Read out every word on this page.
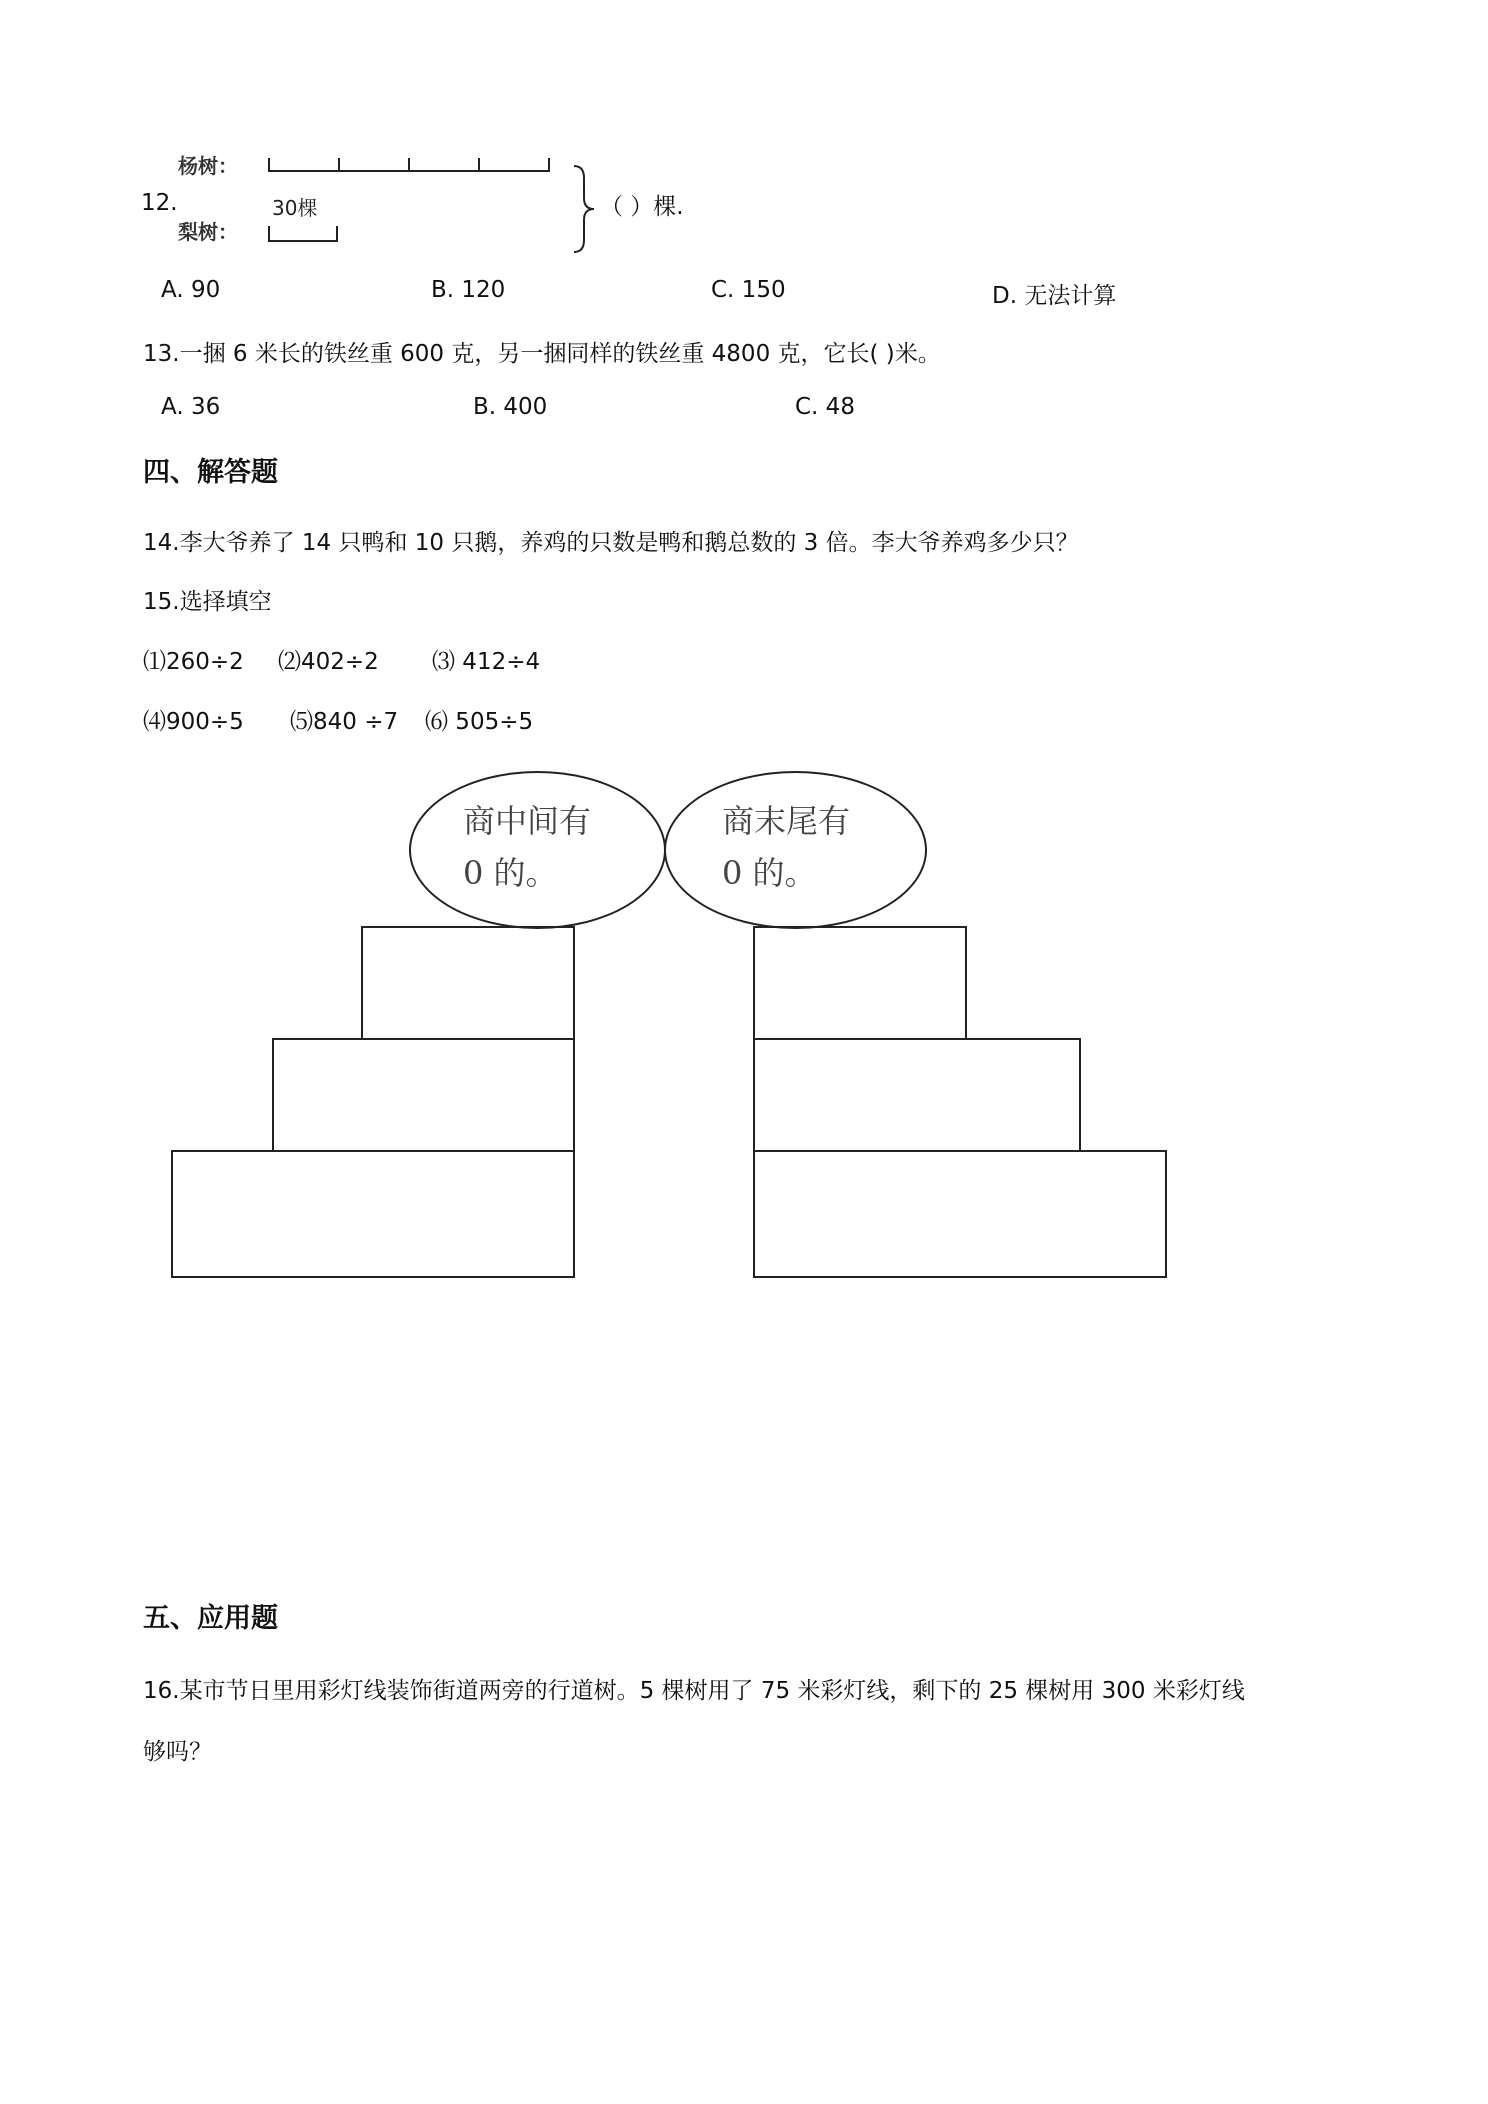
杨树：
12.	30棵
梨树：
（ ）棵.
A. 90	B. 120	C. 150	D. 无法计算
13.一捆 6 米长的铁丝重 600 克，另一捆同样的铁丝重 4800 克，它长( )米。
A. 36	B. 400	C. 48
四、解答题
14.李大爷养了 14 只鸭和 10 只鹅，养鸡的只数是鸭和鹅总数的 3 倍。李大爷养鸡多少只？
15.选择填空
⑴260÷2 ⑵402÷2 ⑶ 412÷4
⑷900÷5 ⑸840 ÷7 ⑹ 505÷5
商中间有
0 的。
商末尾有
0 的。
五、应用题
16.某市节日里用彩灯线装饰街道两旁的行道树。5 棵树用了 75 米彩灯线，剩下的 25 棵树用 300 米彩灯线
够吗？
